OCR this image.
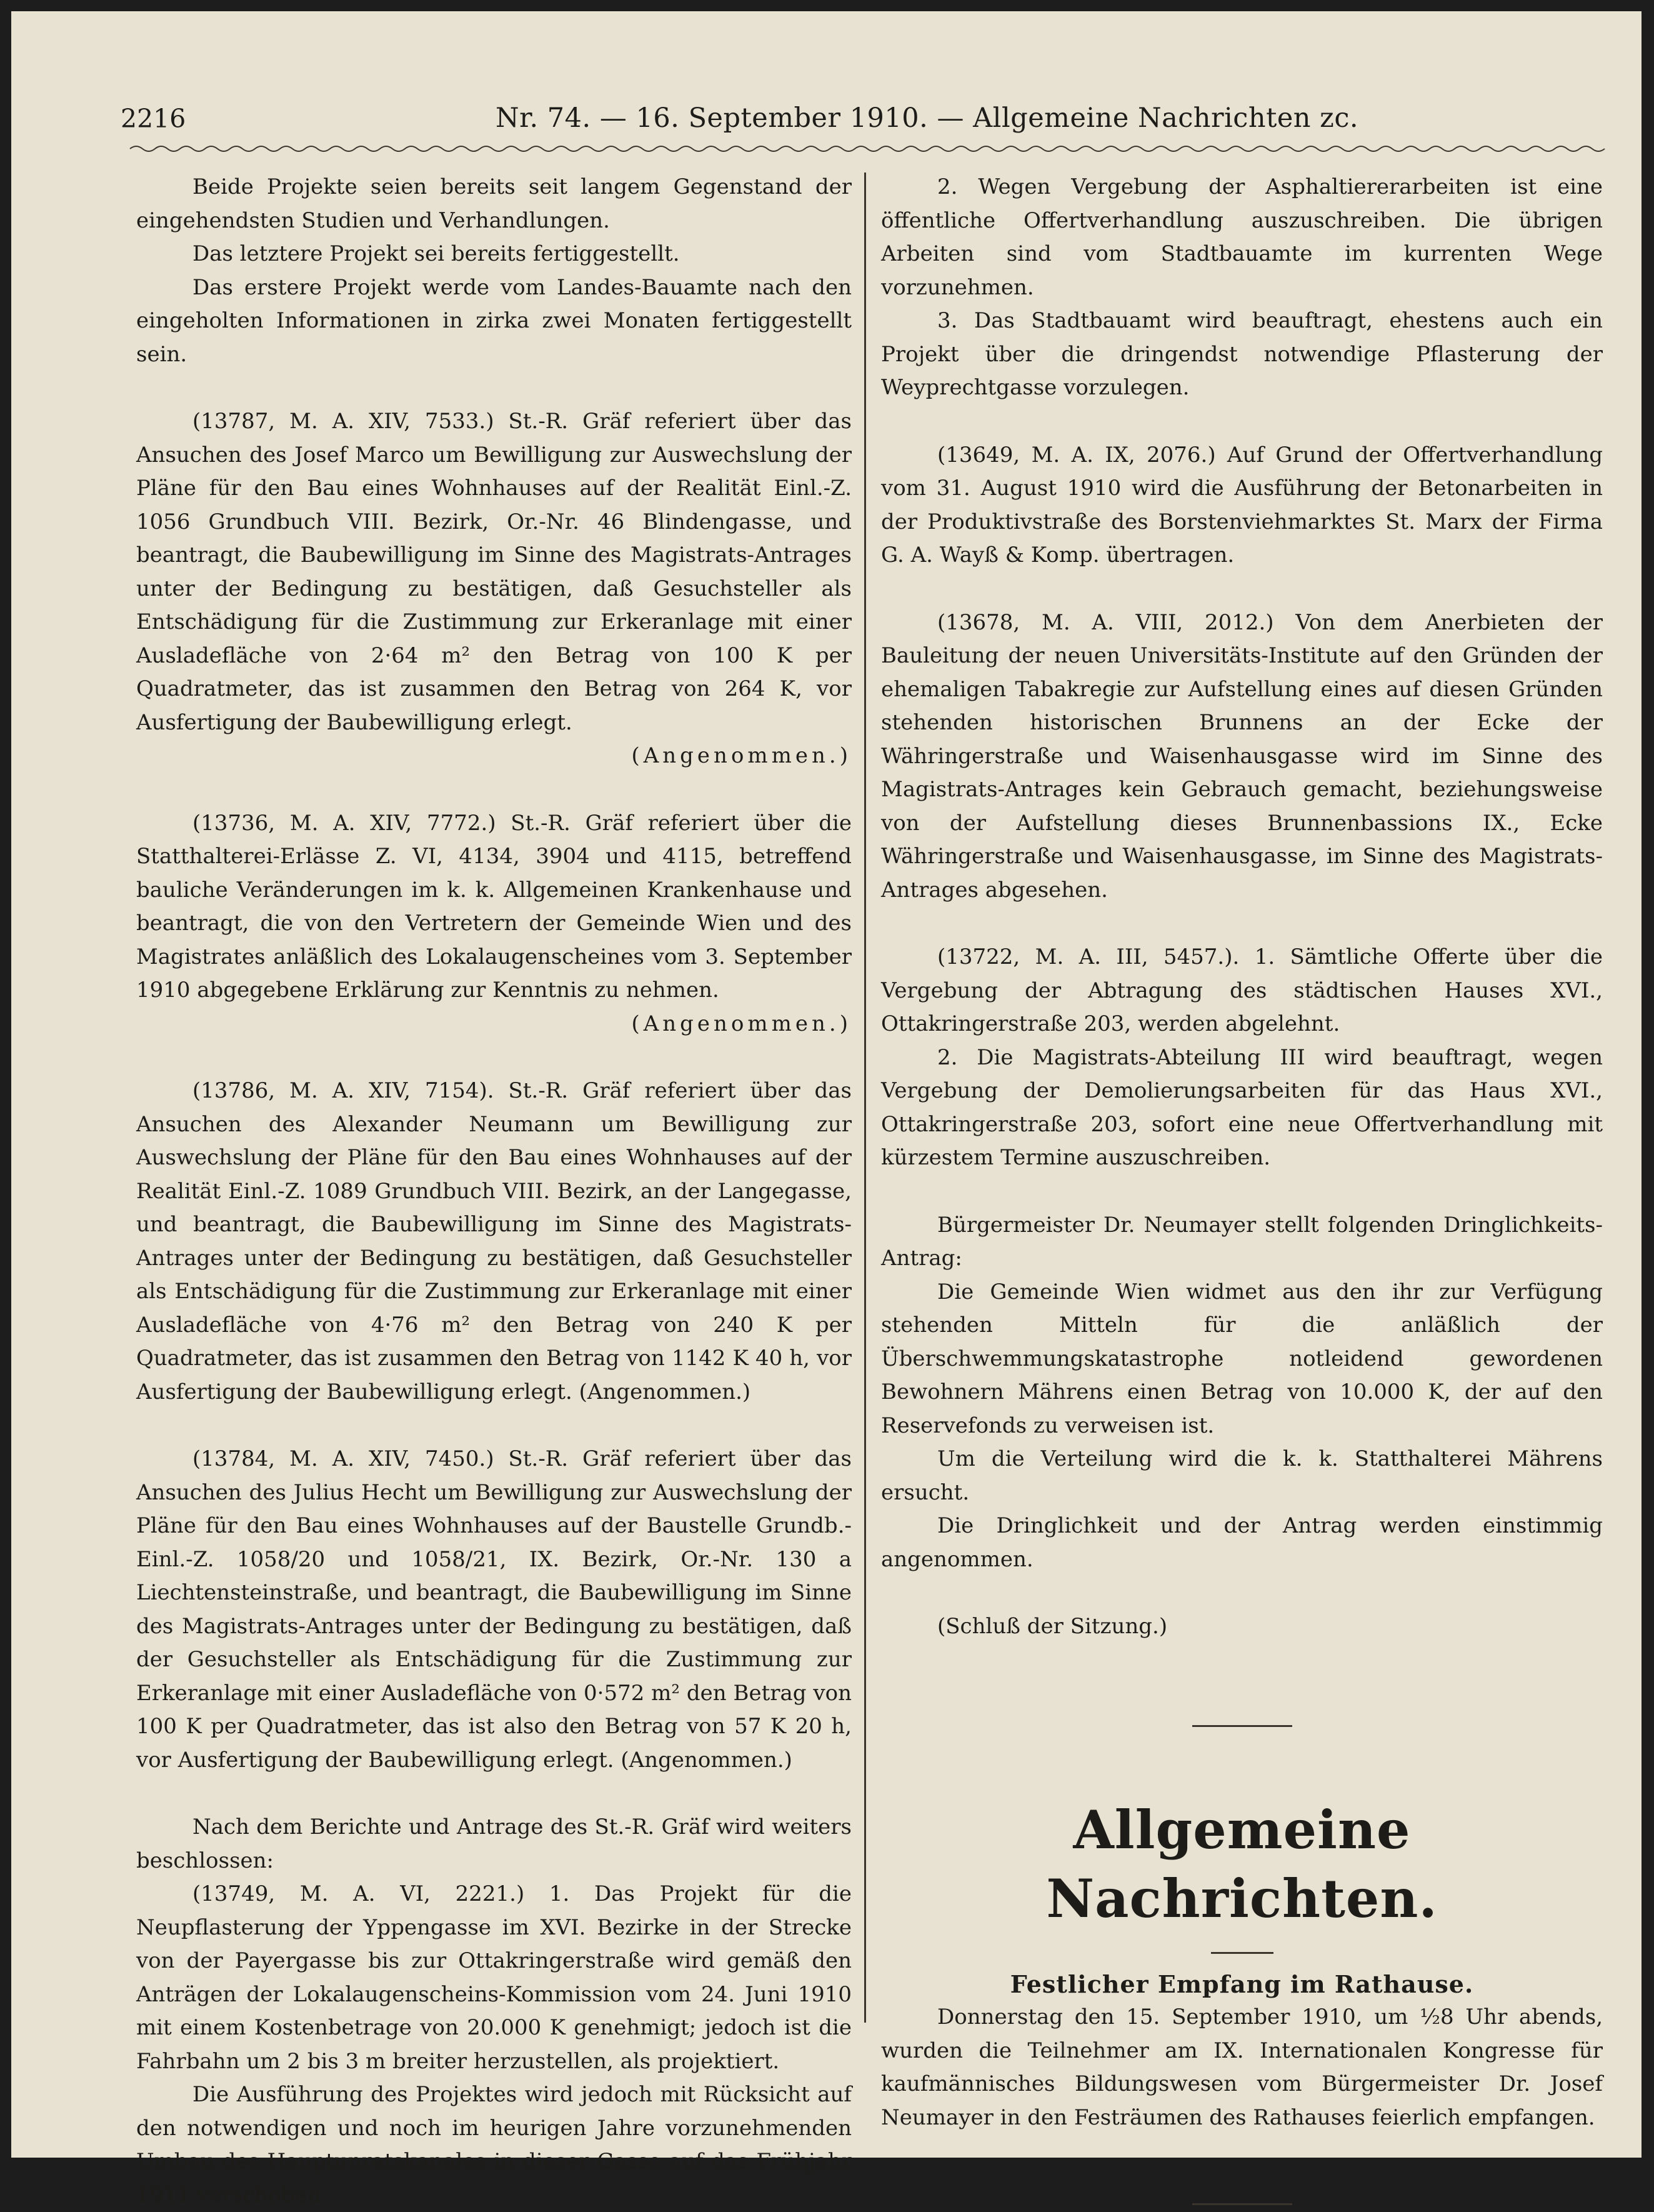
2216	Nr. 74. — 16. September 1910. — Allgemeine Nachrichten zc.

Beide Projekte seien bereits seit langem Gegenstand der eingehendsten Studien und Verhandlungen.

Das letztere Projekt sei bereits fertiggestellt.

Das erstere Projekt werde vom Landes-Bauamte nach den eingeholten Informationen in zirka zwei Monaten fertiggestellt sein.

(13787, M. A. XIV, 7533.) St.-R. Gräf referiert über das Ansuchen des Josef Marco um Bewilligung zur Auswechslung der Pläne für den Bau eines Wohnhauses auf der Realität Einl.-Z. 1056 Grundbuch VIII. Bezirk, Or.-Nr. 46 Blindengasse, und beantragt, die Baubewilligung im Sinne des Magistrats-Antrages unter der Bedingung zu bestätigen, daß Gesuchsteller als Entschädigung für die Zustimmung zur Erkeranlage mit einer Ausladefläche von 2·64 m² den Betrag von 100 K per Quadratmeter, das ist zusammen den Betrag von 264 K, vor Ausfertigung der Baubewilligung erlegt.

(Angenommen.)

(13736, M. A. XIV, 7772.) St.-R. Gräf referiert über die Statthalterei-Erlässe Z. VI, 4134, 3904 und 4115, betreffend bauliche Veränderungen im k. k. Allgemeinen Krankenhause und beantragt, die von den Vertretern der Gemeinde Wien und des Magistrates anläßlich des Lokalaugenscheines vom 3. September 1910 abgegebene Erklärung zur Kenntnis zu nehmen.

(Angenommen.)

(13786, M. A. XIV, 7154). St.-R. Gräf referiert über das Ansuchen des Alexander Neumann um Bewilligung zur Auswechslung der Pläne für den Bau eines Wohnhauses auf der Realität Einl.-Z. 1089 Grundbuch VIII. Bezirk, an der Langegasse, und beantragt, die Baubewilligung im Sinne des Magistrats-Antrages unter der Bedingung zu bestätigen, daß Gesuchsteller als Entschädigung für die Zustimmung zur Erkeranlage mit einer Ausladefläche von 4·76 m² den Betrag von 240 K per Quadratmeter, das ist zusammen den Betrag von 1142 K 40 h, vor Ausfertigung der Baubewilligung erlegt. (Angenommen.)

(13784, M. A. XIV, 7450.) St.-R. Gräf referiert über das Ansuchen des Julius Hecht um Bewilligung zur Auswechslung der Pläne für den Bau eines Wohnhauses auf der Baustelle Grundb.-Einl.-Z. 1058/20 und 1058/21, IX. Bezirk, Or.-Nr. 130 a Liechtensteinstraße, und beantragt, die Baubewilligung im Sinne des Magistrats-Antrages unter der Bedingung zu bestätigen, daß der Gesuchsteller als Entschädigung für die Zustimmung zur Erkeranlage mit einer Ausladefläche von 0·572 m² den Betrag von 100 K per Quadratmeter, das ist also den Betrag von 57 K 20 h, vor Ausfertigung der Baubewilligung erlegt. (Angenommen.)

Nach dem Berichte und Antrage des St.-R. Gräf wird weiters beschlossen:

(13749, M. A. VI, 2221.) 1. Das Projekt für die Neupflasterung der Yppengasse im XVI. Bezirke in der Strecke von der Payergasse bis zur Ottakringerstraße wird gemäß den Anträgen der Lokalaugenscheins-Kommission vom 24. Juni 1910 mit einem Kostenbetrage von 20.000 K genehmigt; jedoch ist die Fahrbahn um 2 bis 3 m breiter herzustellen, als projektiert.

Die Ausführung des Projektes wird jedoch mit Rücksicht auf den notwendigen und noch im heurigen Jahre vorzunehmenden Umbau des Hauptunratskanales in dieser Gasse auf das Frühjahr 1911 verschoben.

2. Wegen Vergebung der Asphaltiererarbeiten ist eine öffentliche Offertverhandlung auszuschreiben. Die übrigen Arbeiten sind vom Stadtbauamte im kurrenten Wege vorzunehmen.

3. Das Stadtbauamt wird beauftragt, ehestens auch ein Projekt über die dringendst notwendige Pflasterung der Weyprechtgasse vorzulegen.

(13649, M. A. IX, 2076.) Auf Grund der Offertverhandlung vom 31. August 1910 wird die Ausführung der Betonarbeiten in der Produktivstraße des Borstenviehmarktes St. Marx der Firma G. A. Wayß & Komp. übertragen.

(13678, M. A. VIII, 2012.) Von dem Anerbieten der Bauleitung der neuen Universitäts-Institute auf den Gründen der ehemaligen Tabakregie zur Aufstellung eines auf diesen Gründen stehenden historischen Brunnens an der Ecke der Währingerstraße und Waisenhausgasse wird im Sinne des Magistrats-Antrages kein Gebrauch gemacht, beziehungsweise von der Aufstellung dieses Brunnenbassions IX., Ecke Währingerstraße und Waisenhausgasse, im Sinne des Magistrats-Antrages abgesehen.

(13722, M. A. III, 5457.). 1. Sämtliche Offerte über die Vergebung der Abtragung des städtischen Hauses XVI., Ottakringerstraße 203, werden abgelehnt.

2. Die Magistrats-Abteilung III wird beauftragt, wegen Vergebung der Demolierungsarbeiten für das Haus XVI., Ottakringerstraße 203, sofort eine neue Offertverhandlung mit kürzestem Termine auszuschreiben.

Bürgermeister Dr. Neumayer stellt folgenden Dringlichkeits-Antrag:

Die Gemeinde Wien widmet aus den ihr zur Verfügung stehenden Mitteln für die anläßlich der Überschwemmungskatastrophe notleidend gewordenen Bewohnern Mährens einen Betrag von 10.000 K, der auf den Reservefonds zu verweisen ist.

Um die Verteilung wird die k. k. Statthalterei Mährens ersucht.

Die Dringlichkeit und der Antrag werden einstimmig angenommen.

(Schluß der Sitzung.)

Allgemeine Nachrichten.
Festlicher Empfang im Rathause.

Donnerstag den 15. September 1910, um ½8 Uhr abends, wurden die Teilnehmer am IX. Internationalen Kongresse für kaufmännisches Bildungswesen vom Bürgermeister Dr. Josef Neumayer in den Festräumen des Rathauses feierlich empfangen.
